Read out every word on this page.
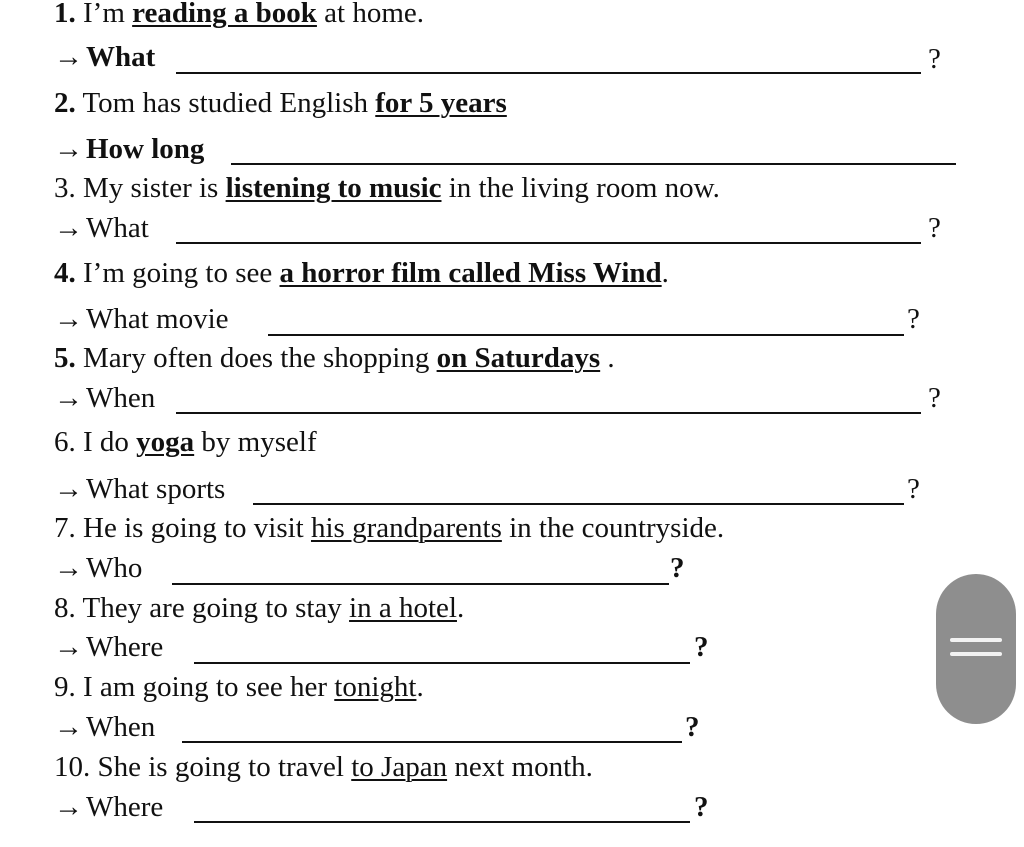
1. I’m reading a book at home.
→ What	?
2. Tom has studied English for 5 years
→ How long
3. My sister is listening to music in the living room now.
→ What	?
4. I’m going to see a horror film called Miss Wind.
→ What movie	?
5. Mary often does the shopping on Saturdays .
→ When	?
6. I do yoga by myself
→ What sports	?
7. He is going to visit his grandparents in the countryside.
→ Who	?
8. They are going to stay in a hotel.
→ Where	?
9. I am going to see her tonight.
→ When	?
10. She is going to travel to Japan next month.
→ Where	?
